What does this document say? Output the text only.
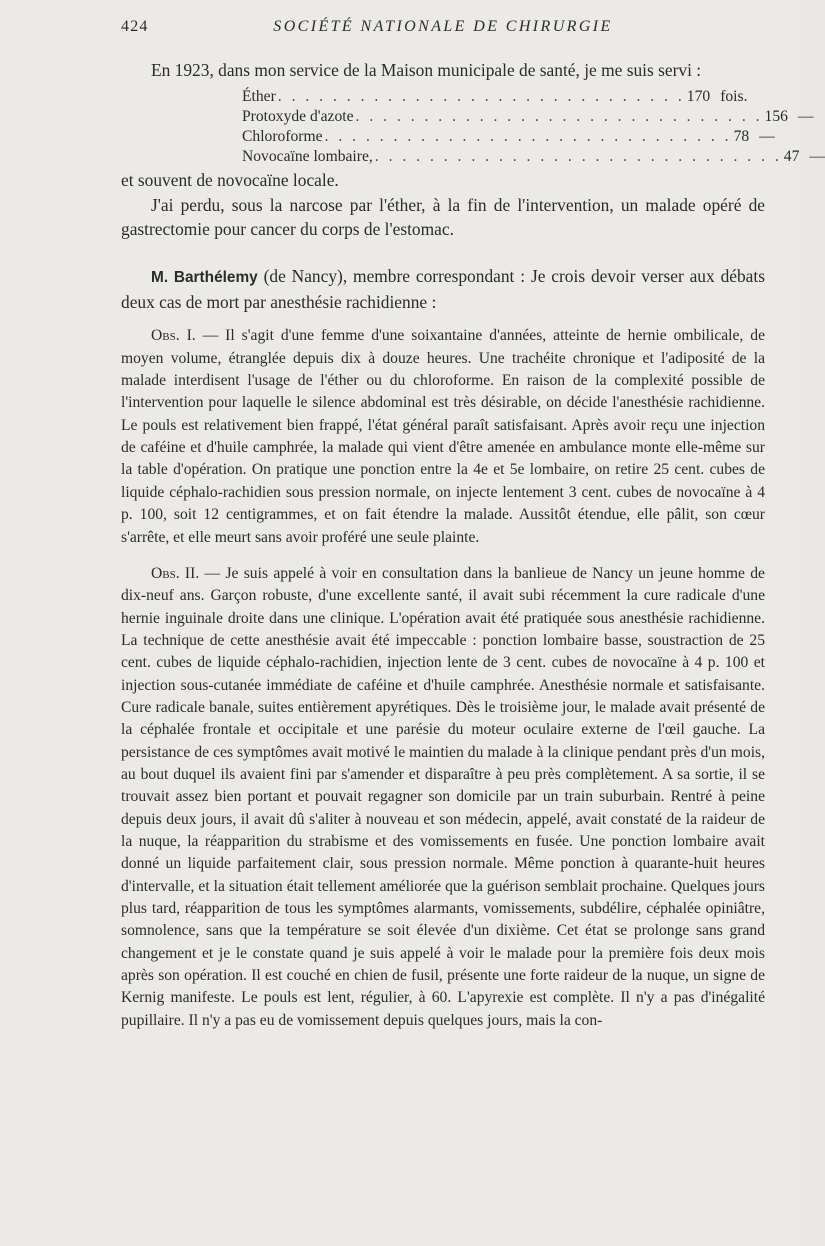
424	SOCIÉTÉ NATIONALE DE CHIRURGIE

En 1923, dans mon service de la Maison municipale de santé, je me suis servi :

Éther . . . . . . . . . . . . . . . . . . . . . . . . . . . . . . 170 fois.
Protoxyde d'azote . . . . . . . . . . . . . . . . . . . . . . . . . . . . . . 156 —
Chloroforme . . . . . . . . . . . . . . . . . . . . . . . . . . . . . . 78 —
Novocaïne lombaire, . . . . . . . . . . . . . . . . . . . . . . . . . . . . . . 47 —

et souvent de novocaïne locale.

J'ai perdu, sous la narcose par l'éther, à la fin de l'intervention, un malade opéré de gastrectomie pour cancer du corps de l'estomac.

M. Barthélemy (de Nancy), membre correspondant : Je crois devoir verser aux débats deux cas de mort par anesthésie rachidienne :

Obs. I. — Il s'agit d'une femme d'une soixantaine d'années, atteinte de hernie ombilicale, de moyen volume, étranglée depuis dix à douze heures. Une trachéite chronique et l'adiposité de la malade interdisent l'usage de l'éther ou du chloroforme. En raison de la complexité possible de l'intervention pour laquelle le silence abdominal est très désirable, on décide l'anesthésie rachidienne. Le pouls est relativement bien frappé, l'état général paraît satisfaisant. Après avoir reçu une injection de caféine et d'huile camphrée, la malade qui vient d'être amenée en ambulance monte elle-même sur la table d'opération. On pratique une ponction entre la 4e et 5e lombaire, on retire 25 cent. cubes de liquide céphalo-rachidien sous pression normale, on injecte lentement 3 cent. cubes de novocaïne à 4 p. 100, soit 12 centigrammes, et on fait étendre la malade. Aussitôt étendue, elle pâlit, son cœur s'arrête, et elle meurt sans avoir proféré une seule plainte.

Obs. II. — Je suis appelé à voir en consultation dans la banlieue de Nancy un jeune homme de dix-neuf ans. Garçon robuste, d'une excellente santé, il avait subi récemment la cure radicale d'une hernie inguinale droite dans une clinique. L'opération avait été pratiquée sous anesthésie rachidienne. La technique de cette anesthésie avait été impeccable : ponction lombaire basse, soustraction de 25 cent. cubes de liquide céphalo-rachidien, injection lente de 3 cent. cubes de novocaïne à 4 p. 100 et injection sous-cutanée immédiate de caféine et d'huile camphrée. Anesthésie normale et satisfaisante. Cure radicale banale, suites entièrement apyrétiques. Dès le troisième jour, le malade avait présenté de la céphalée frontale et occipitale et une parésie du moteur oculaire externe de l'œil gauche. La persistance de ces symptômes avait motivé le maintien du malade à la clinique pendant près d'un mois, au bout duquel ils avaient fini par s'amender et disparaître à peu près complètement. A sa sortie, il se trouvait assez bien portant et pouvait regagner son domicile par un train suburbain. Rentré à peine depuis deux jours, il avait dû s'aliter à nouveau et son médecin, appelé, avait constaté de la raideur de la nuque, la réapparition du strabisme et des vomissements en fusée. Une ponction lombaire avait donné un liquide parfaitement clair, sous pression normale. Même ponction à quarante-huit heures d'intervalle, et la situation était tellement améliorée que la guérison semblait prochaine. Quelques jours plus tard, réapparition de tous les symptômes alarmants, vomissements, subdélire, céphalée opiniâtre, somnolence, sans que la température se soit élevée d'un dixième. Cet état se prolonge sans grand changement et je le constate quand je suis appelé à voir le malade pour la première fois deux mois après son opération. Il est couché en chien de fusil, présente une forte raideur de la nuque, un signe de Kernig manifeste. Le pouls est lent, régulier, à 60. L'apyrexie est complète. Il n'y a pas d'inégalité pupillaire. Il n'y a pas eu de vomissement depuis quelques jours, mais la con-
